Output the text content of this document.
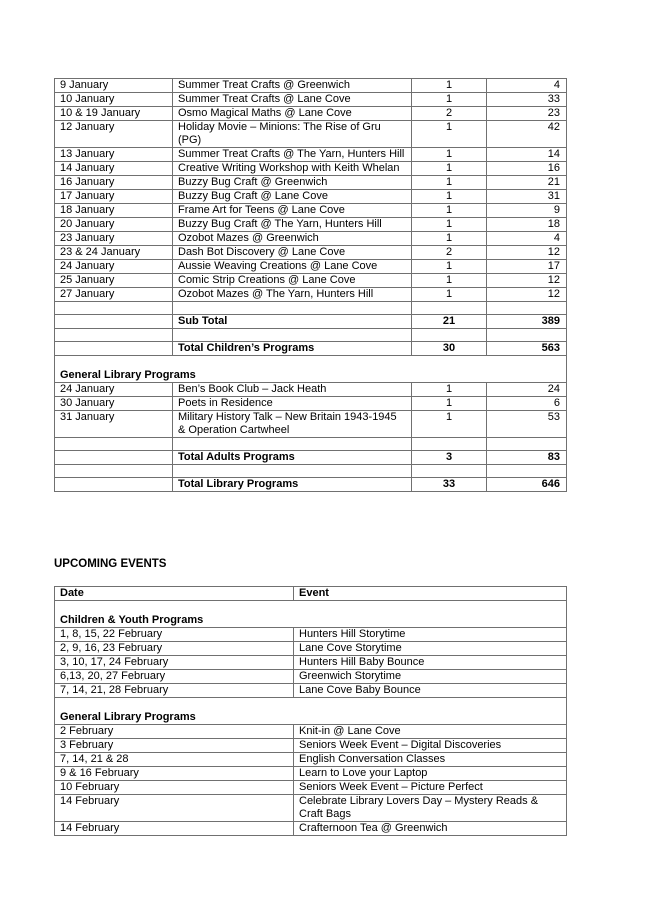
9 January	Summer Treat Crafts @ Greenwich	1	4
10 January	Summer Treat Crafts @ Lane Cove	1	33
10 & 19 January	Osmo Magical Maths @ Lane Cove	2	23
12 January	Holiday Movie – Minions: The Rise of Gru (PG)	1	42
13 January	Summer Treat Crafts @ The Yarn, Hunters Hill	1	14
14 January	Creative Writing Workshop with Keith Whelan	1	16
16 January	Buzzy Bug Craft @ Greenwich	1	21
17 January	Buzzy Bug Craft @ Lane Cove	1	31
18 January	Frame Art for Teens @ Lane Cove	1	9
20 January	Buzzy Bug Craft @ The Yarn, Hunters Hill	1	18
23 January	Ozobot Mazes @ Greenwich	1	4
23 & 24 January	Dash Bot Discovery @ Lane Cove	2	12
24 January	Aussie Weaving Creations @ Lane Cove	1	17
25 January	Comic Strip Creations @ Lane Cove	1	12
27 January	Ozobot Mazes @ The Yarn, Hunters Hill	1	12

	Sub Total	21	389

	Total Children’s Programs	30	563
General Library Programs			
24 January	Ben’s Book Club – Jack Heath	1	24
30 January	Poets in Residence	1	6
31 January	Military History Talk – New Britain 1943-1945 & Operation Cartwheel	1	53

	Total Adults Programs	3	83

	Total Library Programs	33	646
UPCOMING EVENTS
Date	Event
Children & Youth Programs	
1, 8, 15, 22 February	Hunters Hill Storytime
2, 9, 16, 23 February	Lane Cove Storytime
3, 10, 17, 24 February	Hunters Hill Baby Bounce
6,13, 20, 27 February	Greenwich Storytime
7, 14, 21, 28 February	Lane Cove Baby Bounce
General Library Programs	
2 February	Knit-in @ Lane Cove
3 February	Seniors Week Event – Digital Discoveries
7, 14, 21 & 28	English Conversation Classes
9 & 16 February	Learn to Love your Laptop
10 February	Seniors Week Event – Picture Perfect
14 February	Celebrate Library Lovers Day – Mystery Reads & Craft Bags
14 February	Crafternoon Tea @ Greenwich
